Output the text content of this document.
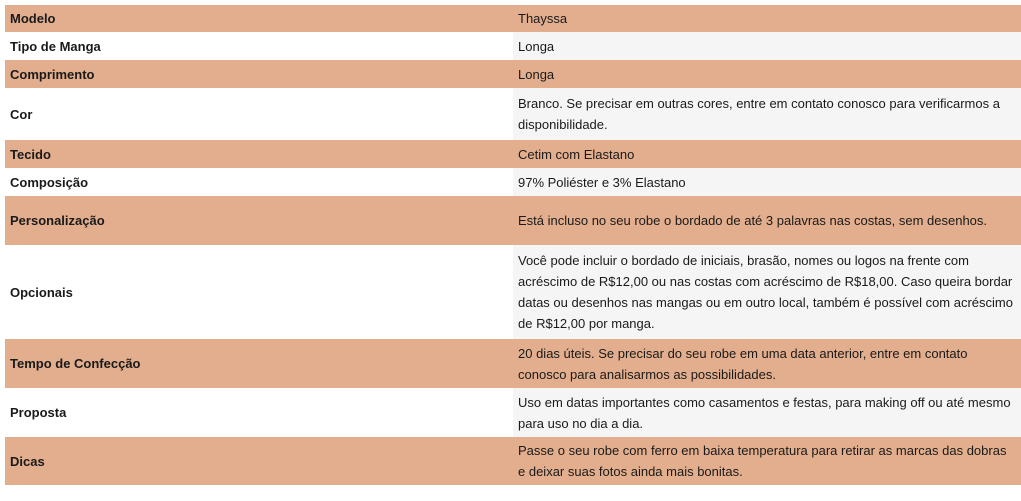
Modelo	Thayssa
Tipo de Manga	Longa
Comprimento	Longa
Cor	Branco. Se precisar em outras cores, entre em contato conosco para verificarmos a disponibilidade.
Tecido	Cetim com Elastano
Composição	97% Poliéster e 3% Elastano
Personalização	Está incluso no seu robe o bordado de até 3 palavras nas costas, sem desenhos.
Opcionais	Você pode incluir o bordado de iniciais, brasão, nomes ou logos na frente com acréscimo de R$12,00 ou nas costas com acréscimo de R$18,00. Caso queira bordar datas ou desenhos nas mangas ou em outro local, também é possível com acréscimo de R$12,00 por manga.
Tempo de Confecção	20 dias úteis. Se precisar do seu robe em uma data anterior, entre em contato conosco para analisarmos as possibilidades.
Proposta	Uso em datas importantes como casamentos e festas, para making off ou até mesmo para uso no dia a dia.
Dicas	Passe o seu robe com ferro em baixa temperatura para retirar as marcas das dobras e deixar suas fotos ainda mais bonitas.
